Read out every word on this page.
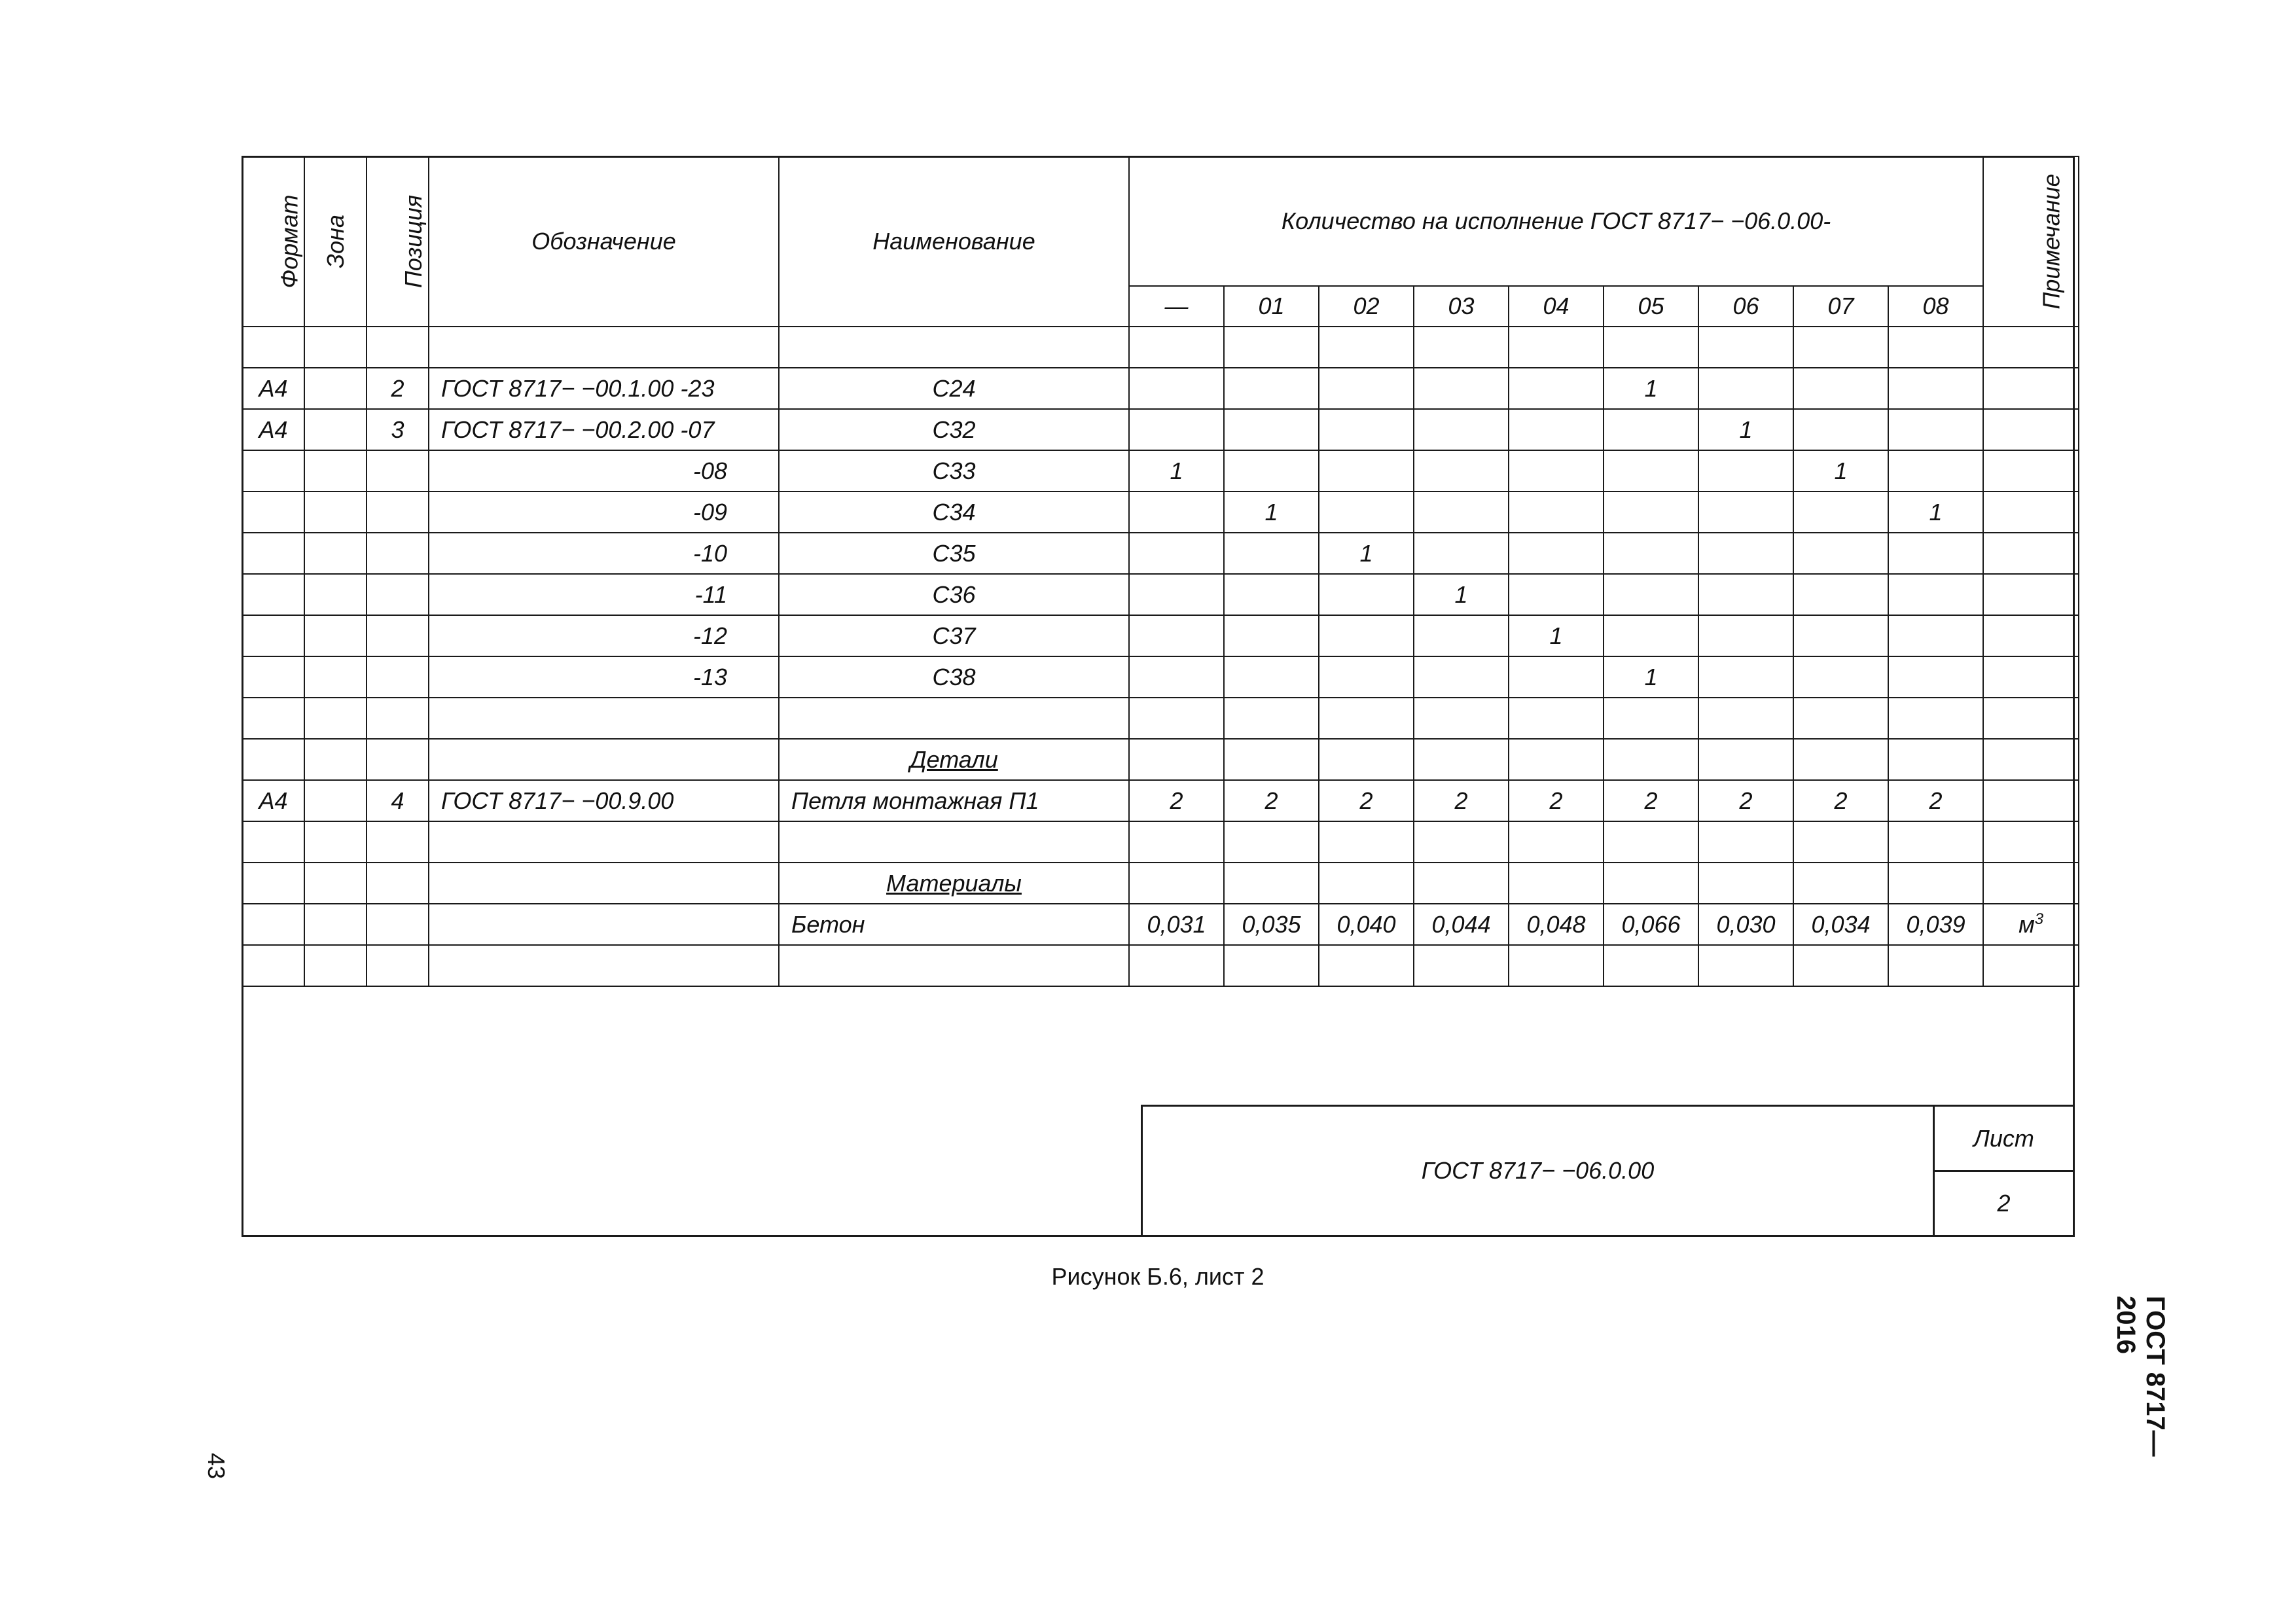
Формат	Зона	Позиция	Обозначение	Наименование	Количество на исполнение ГОСТ 8717− −06.0.00-									Примечание
					—	01	02	03	04	05	06	07	08	

А4		2	ГОСТ 8717− −00.1.00 -23	С24						1				
А4		3	ГОСТ 8717− −00.2.00 -07	С32							1			
			-08	С33	1							1		
			-09	С34		1							1	
			-10	С35			1							
			-11	С36				1						
			-12	С37					1					
			-13	С38						1				

				Детали										
А4		4	ГОСТ 8717− −00.9.00	Петля монтажная П1	2	2	2	2	2	2	2	2	2	

				Материалы										
				Бетон	0,031	0,035	0,040	0,044	0,048	0,066	0,030	0,034	0,039	$м^3$

ГОСТ 8717− −06.0.00
Лист
2
Рисунок Б.6, лист 2
43
ГОСТ 8717—2016
